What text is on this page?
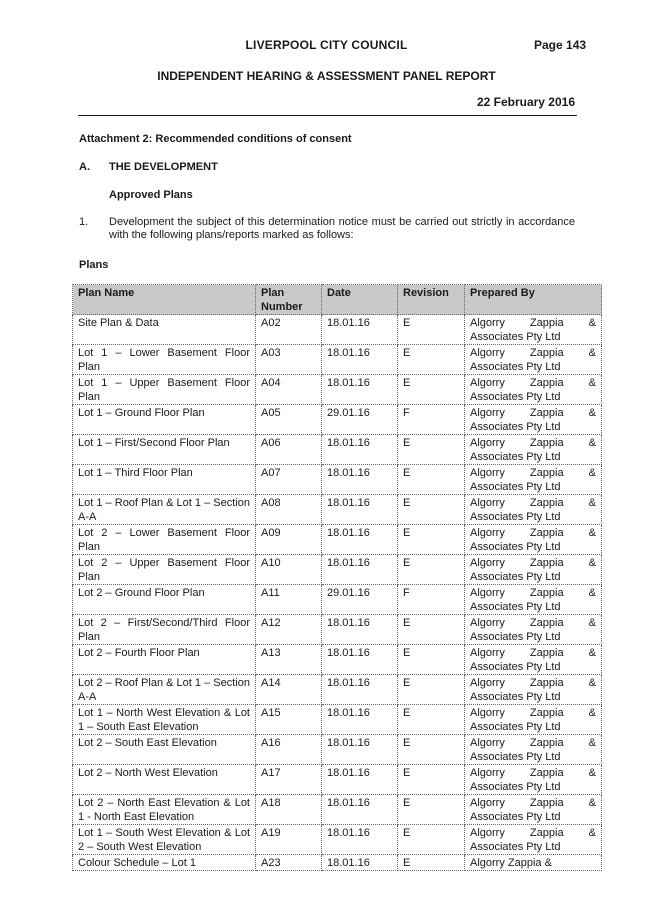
LIVERPOOL CITY COUNCIL	Page 143
INDEPENDENT HEARING & ASSESSMENT PANEL REPORT
22 February 2016
Attachment 2: Recommended conditions of consent
A. THE DEVELOPMENT
Approved Plans
1. Development the subject of this determination notice must be carried out strictly in accordance with the following plans/reports marked as follows:
Plans
Plan Name	Plan Number	Date	Revision	Prepared By
Site Plan & Data	A02	18.01.16	E	Algorry Zappia & Associates Pty Ltd
Lot 1 – Lower Basement Floor Plan	A03	18.01.16	E	Algorry Zappia & Associates Pty Ltd
Lot 1 – Upper Basement Floor Plan	A04	18.01.16	E	Algorry Zappia & Associates Pty Ltd
Lot 1 – Ground Floor Plan	A05	29.01.16	F	Algorry Zappia & Associates Pty Ltd
Lot 1 – First/Second Floor Plan	A06	18.01.16	E	Algorry Zappia & Associates Pty Ltd
Lot 1 – Third Floor Plan	A07	18.01.16	E	Algorry Zappia & Associates Pty Ltd
Lot 1 – Roof Plan & Lot 1 – Section A-A	A08	18.01.16	E	Algorry Zappia & Associates Pty Ltd
Lot 2 – Lower Basement Floor Plan	A09	18.01.16	E	Algorry Zappia & Associates Pty Ltd
Lot 2 – Upper Basement Floor Plan	A10	18.01.16	E	Algorry Zappia & Associates Pty Ltd
Lot 2 – Ground Floor Plan	A11	29.01.16	F	Algorry Zappia & Associates Pty Ltd
Lot 2 – First/Second/Third Floor Plan	A12	18.01.16	E	Algorry Zappia & Associates Pty Ltd
Lot 2 – Fourth Floor Plan	A13	18.01.16	E	Algorry Zappia & Associates Pty Ltd
Lot 2 – Roof Plan & Lot 1 – Section A-A	A14	18.01.16	E	Algorry Zappia & Associates Pty Ltd
Lot 1 – North West Elevation & Lot 1 – South East Elevation	A15	18.01.16	E	Algorry Zappia & Associates Pty Ltd
Lot 2 – South East Elevation	A16	18.01.16	E	Algorry Zappia & Associates Pty Ltd
Lot 2 – North West Elevation	A17	18.01.16	E	Algorry Zappia & Associates Pty Ltd
Lot 2 – North East Elevation & Lot 1 - North East Elevation	A18	18.01.16	E	Algorry Zappia & Associates Pty Ltd
Lot 1 – South West Elevation & Lot 2 – South West Elevation	A19	18.01.16	E	Algorry Zappia & Associates Pty Ltd
Colour Schedule – Lot 1	A23	18.01.16	E	Algorry Zappia &
